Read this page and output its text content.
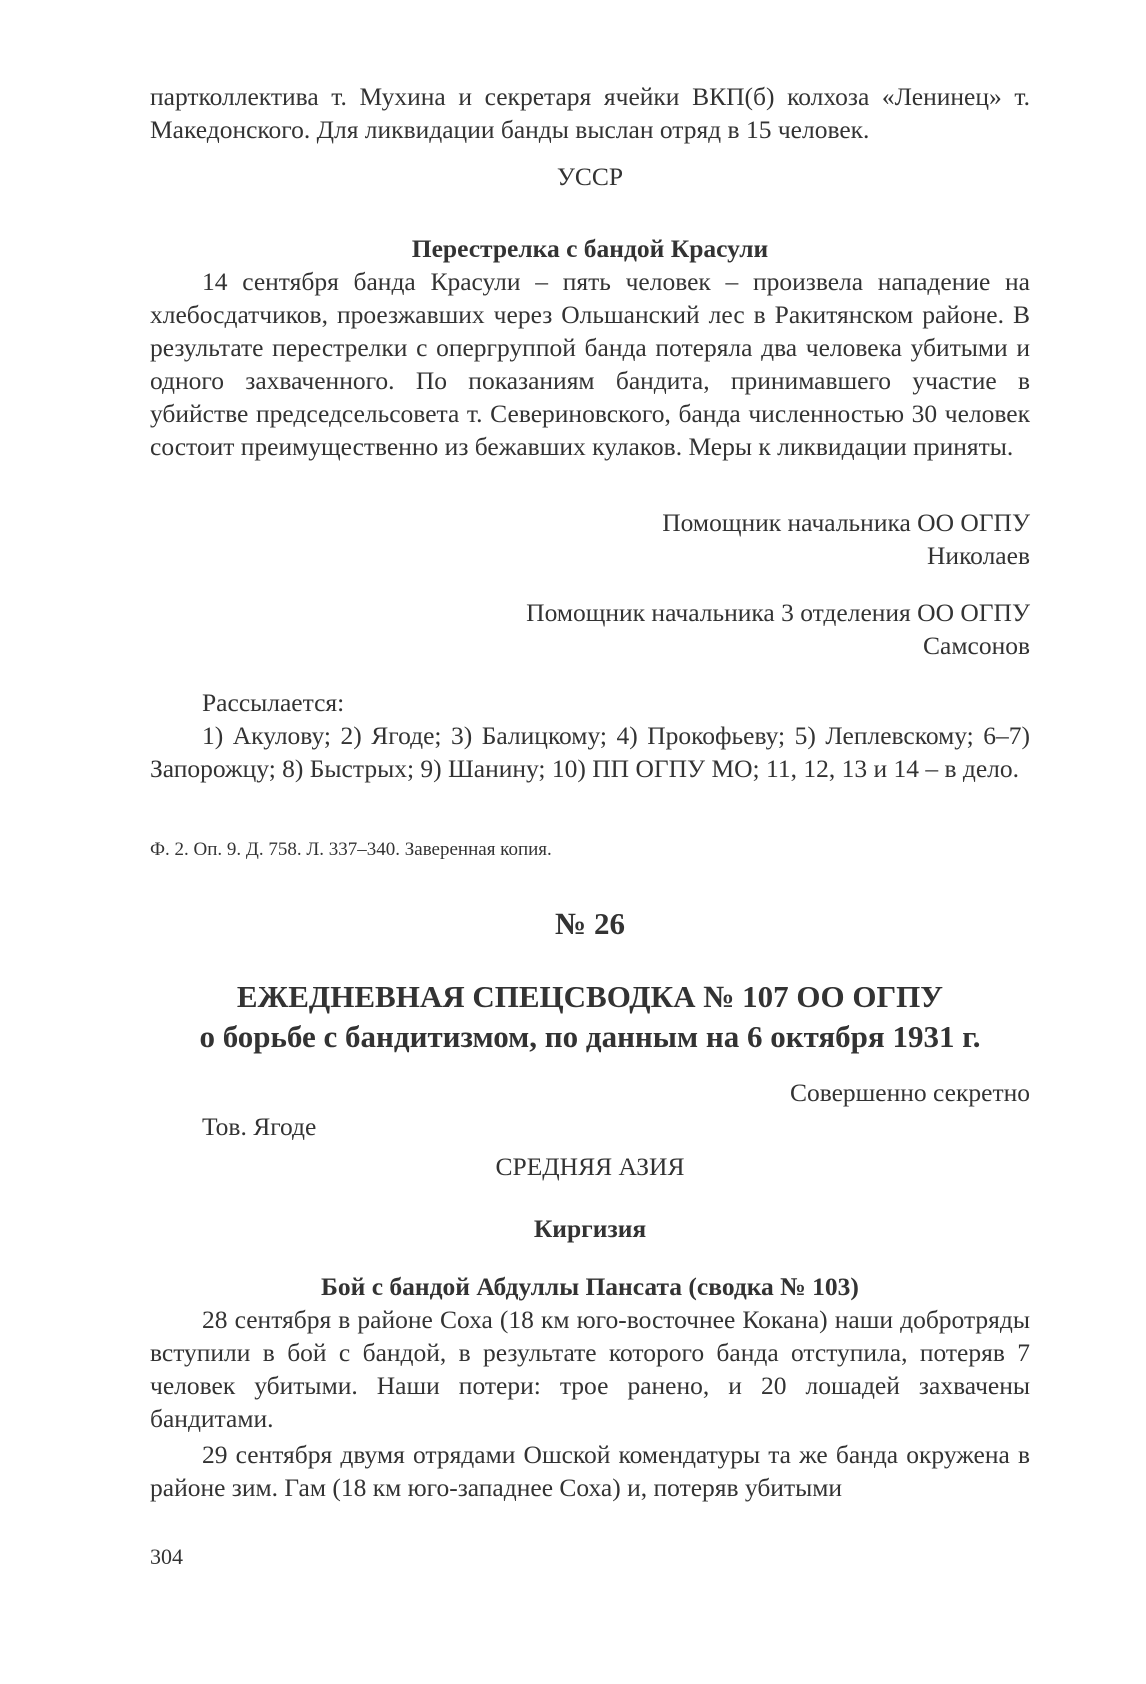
партколлектива т. Мухина и секретаря ячейки ВКП(б) колхоза «Ленинец» т. Македонского. Для ликвидации банды выслан отряд в 15 человек.

УССР

Перестрелка с бандой Красули

14 сентября банда Красули – пять человек – произвела нападение на хлебосдатчиков, проезжавших через Ольшанский лес в Ракитянском районе. В результате перестрелки с опергруппой банда потеряла два человека убитыми и одного захваченного. По показаниям бандита, принимавшего участие в убийстве председсельсовета т. Севериновского, банда численностью 30 человек состоит преимущественно из бежавших кулаков. Меры к ликвидации приняты.

Помощник начальника ОО ОГПУ

Николаев

Помощник начальника 3 отделения ОО ОГПУ

Самсонов

Рассылается:

1) Акулову; 2) Ягоде; 3) Балицкому; 4) Прокофьеву; 5) Леплевскому; 6–7) Запорожцу; 8) Быстрых; 9) Шанину; 10) ПП ОГПУ МО; 11, 12, 13 и 14 – в дело.

Ф. 2. Оп. 9. Д. 758. Л. 337–340. Заверенная копия.

№ 26

ЕЖЕДНЕВНАЯ СПЕЦСВОДКА № 107 ОО ОГПУ

о борьбе с бандитизмом, по данным на 6 октября 1931 г.

Совершенно секретно

Тов. Ягоде

СРЕДНЯЯ АЗИЯ

Киргизия

Бой с бандой Абдуллы Пансата (сводка № 103)

28 сентября в районе Соха (18 км юго-восточнее Кокана) наши добротряды вступили в бой с бандой, в результате которого банда отступила, потеряв 7 человек убитыми. Наши потери: трое ранено, и 20 лошадей захвачены бандитами.

29 сентября двумя отрядами Ошской комендатуры та же банда окружена в районе зим. Гам (18 км юго-западнее Соха) и, потеряв убитыми

304
